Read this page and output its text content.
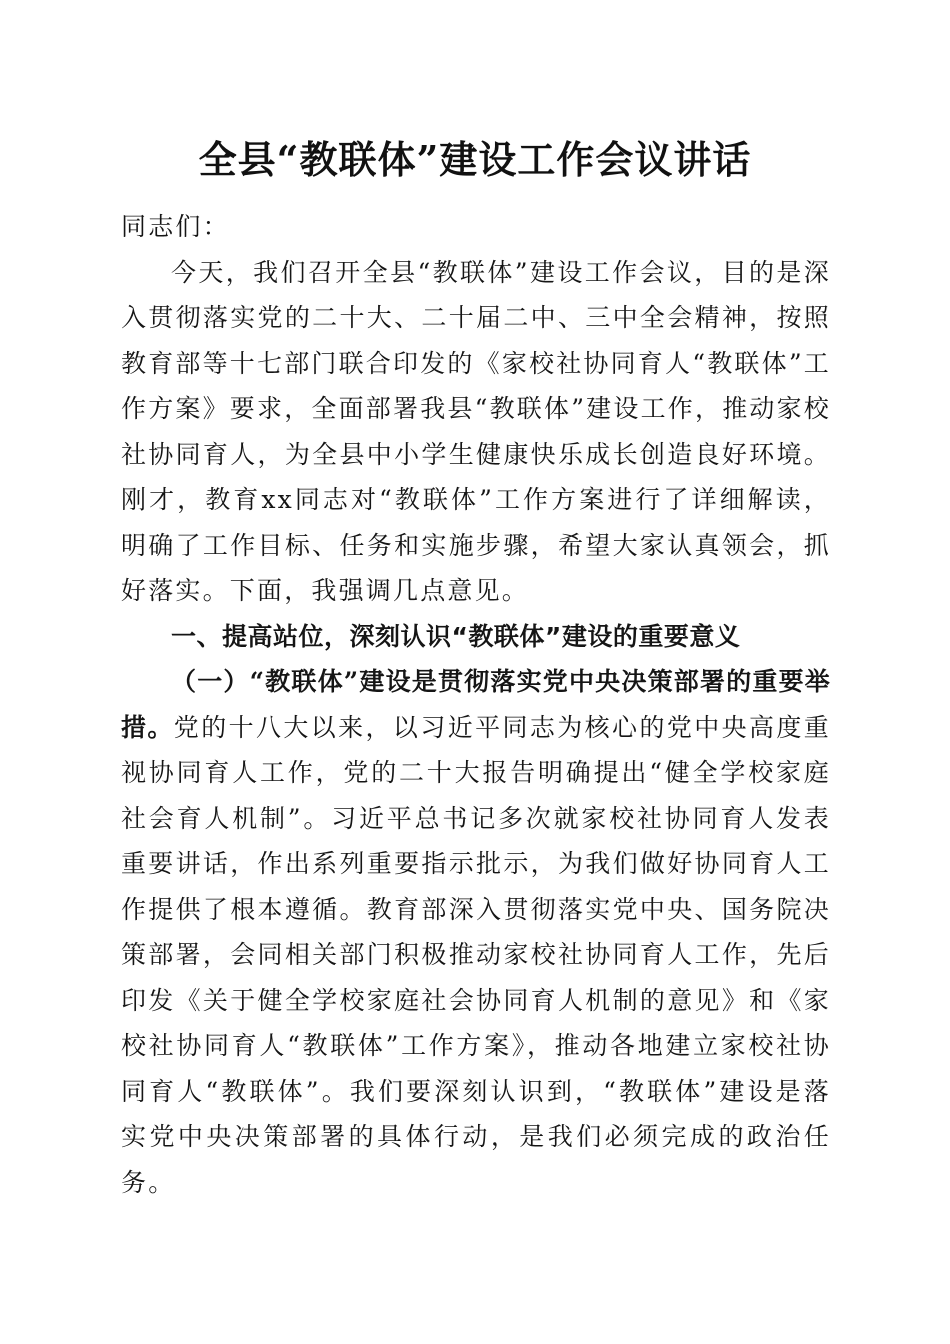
全县“教联体”建设工作会议讲话

同志们：

今天，我们召开全县“教联体”建设工作会议，目的是深入贯彻落实党的二十大、二十届二中、三中全会精神，按照教育部等十七部门联合印发的《家校社协同育人“教联体”工作方案》要求，全面部署我县“教联体”建设工作，推动家校社协同育人，为全县中小学生健康快乐成长创造良好环境。刚才，教育xx同志对“教联体”工作方案进行了详细解读，明确了工作目标、任务和实施步骤，希望大家认真领会，抓好落实。下面，我强调几点意见。

一、提高站位，深刻认识“教联体”建设的重要意义

（一）“教联体”建设是贯彻落实党中央决策部署的重要举措。党的十八大以来，以习近平同志为核心的党中央高度重视协同育人工作，党的二十大报告明确提出“健全学校家庭社会育人机制”。习近平总书记多次就家校社协同育人发表重要讲话，作出系列重要指示批示，为我们做好协同育人工作提供了根本遵循。教育部深入贯彻落实党中央、国务院决策部署，会同相关部门积极推动家校社协同育人工作，先后印发《关于健全学校家庭社会协同育人机制的意见》和《家校社协同育人“教联体”工作方案》，推动各地建立家校社协同育人“教联体”。我们要深刻认识到，“教联体”建设是落实党中央决策部署的具体行动，是我们必须完成的政治任务。
